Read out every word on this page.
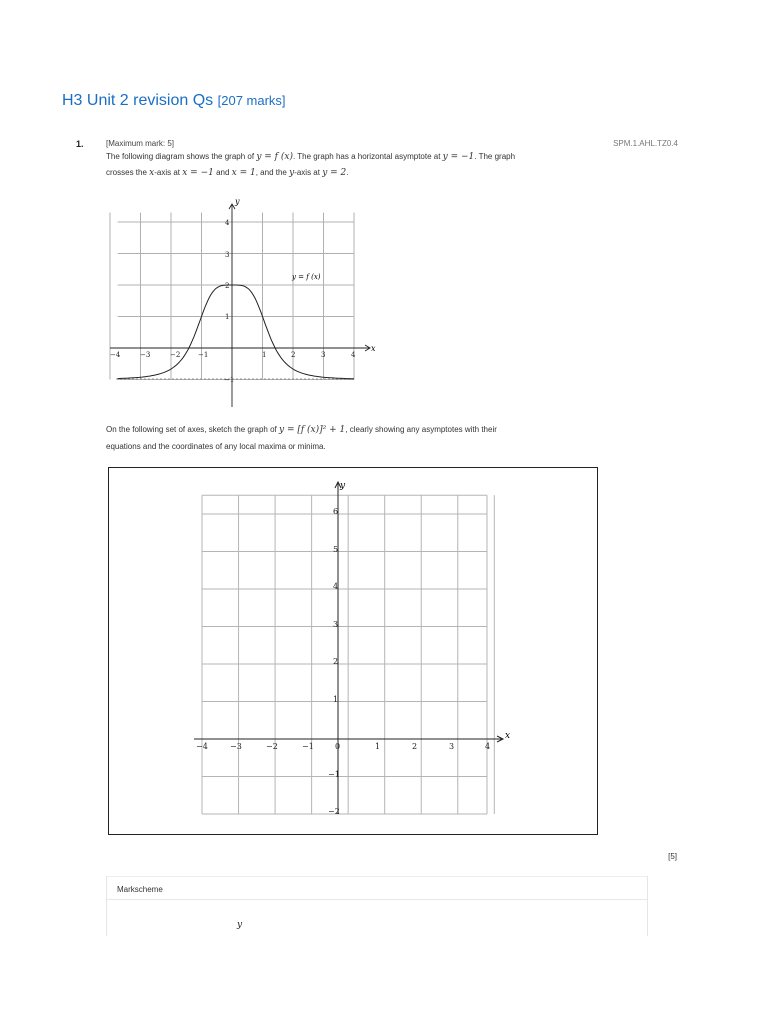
H3 Unit 2 revision Qs [207 marks]
1.	[Maximum mark: 5]	SPM.1.AHL.TZ0.4
The following diagram shows the graph of y = f (x). The graph has a horizontal asymptote at y = −1. The graph
crosses the x-axis at x = −1 and x = 1, and the y-axis at y = 2.
y
x
y = f (x)
−4	−3	−2	−1	1	2	3	4
4
3
2
1
−1
On the following set of axes, sketch the graph of y = [f (x)]² + 1, clearly showing any asymptotes with their
equations and the coordinates of any local maxima or minima.
y
x
−4	−3	−2	−1	0	1	2	3	4
6
5
4
3
2
1
−1
−2
[5]
Markscheme
y
